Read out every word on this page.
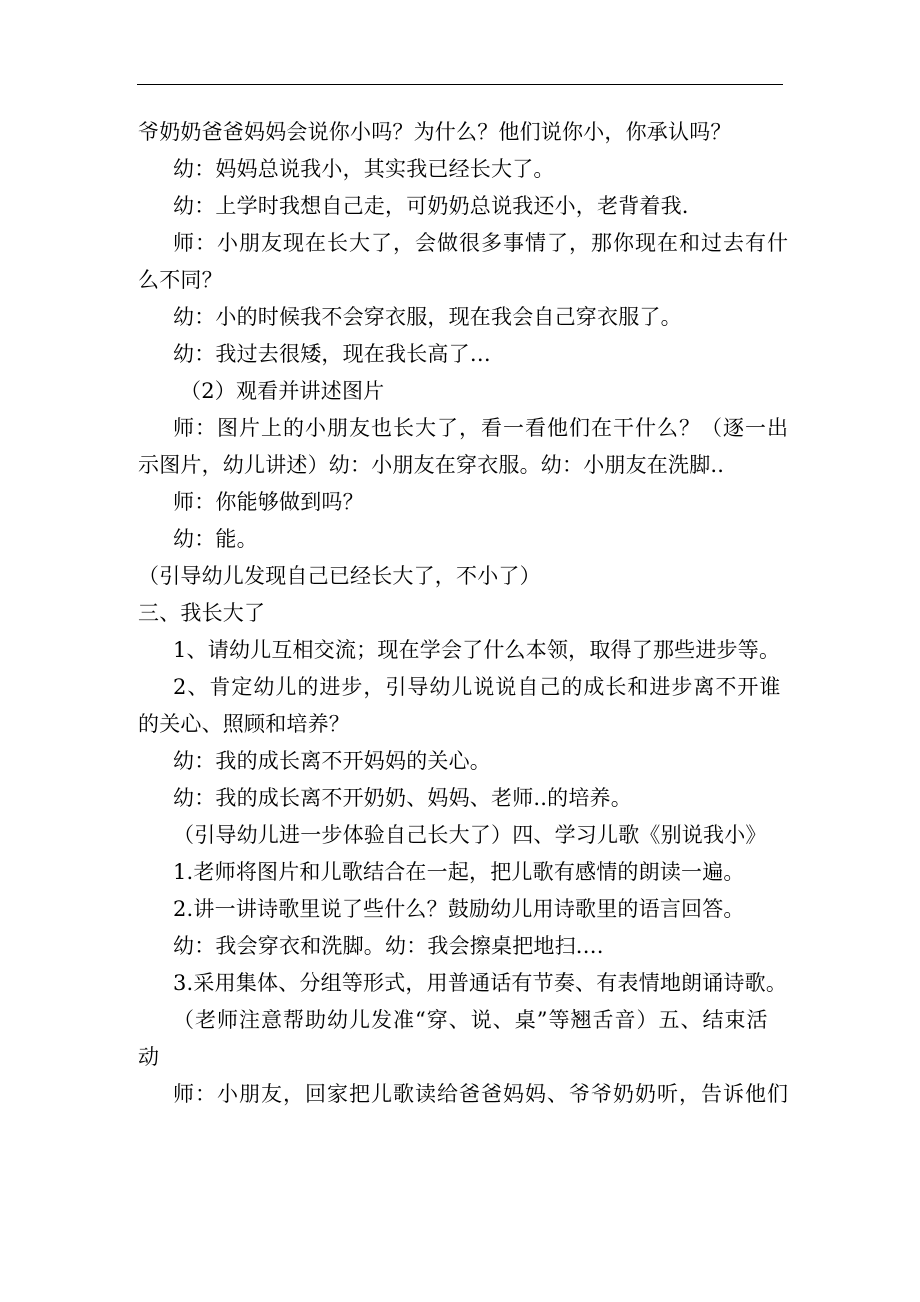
爷奶奶爸爸妈妈会说你小吗？为什么？他们说你小，你承认吗？
幼：妈妈总说我小，其实我已经长大了。
幼：上学时我想自己走，可奶奶总说我还小，老背着我.
师：小朋友现在长大了，会做很多事情了，那你现在和过去有什
么不同？
幼：小的时候我不会穿衣服，现在我会自己穿衣服了。
幼：我过去很矮，现在我长高了…
（2）观看并讲述图片
师：图片上的小朋友也长大了，看一看他们在干什么？（逐一出
示图片，幼儿讲述）幼：小朋友在穿衣服。幼：小朋友在洗脚..
师：你能够做到吗？
幼：能。
（引导幼儿发现自己已经长大了，不小了）
三、我长大了
1、请幼儿互相交流；现在学会了什么本领，取得了那些进步等。
2、肯定幼儿的进步，引导幼儿说说自己的成长和进步离不开谁
的关心、照顾和培养？
幼：我的成长离不开妈妈的关心。
幼：我的成长离不开奶奶、妈妈、老师..的培养。
（引导幼儿进一步体验自己长大了）四、学习儿歌《别说我小》
1.老师将图片和儿歌结合在一起，把儿歌有感情的朗读一遍。
2.讲一讲诗歌里说了些什么？鼓励幼儿用诗歌里的语言回答。
幼：我会穿衣和洗脚。幼：我会擦桌把地扫.…
3.采用集体、分组等形式，用普通话有节奏、有表情地朗诵诗歌。
（老师注意帮助幼儿发准“穿、说、桌”等翘舌音）五、结束活
动
师：小朋友，回家把儿歌读给爸爸妈妈、爷爷奶奶听，告诉他们
